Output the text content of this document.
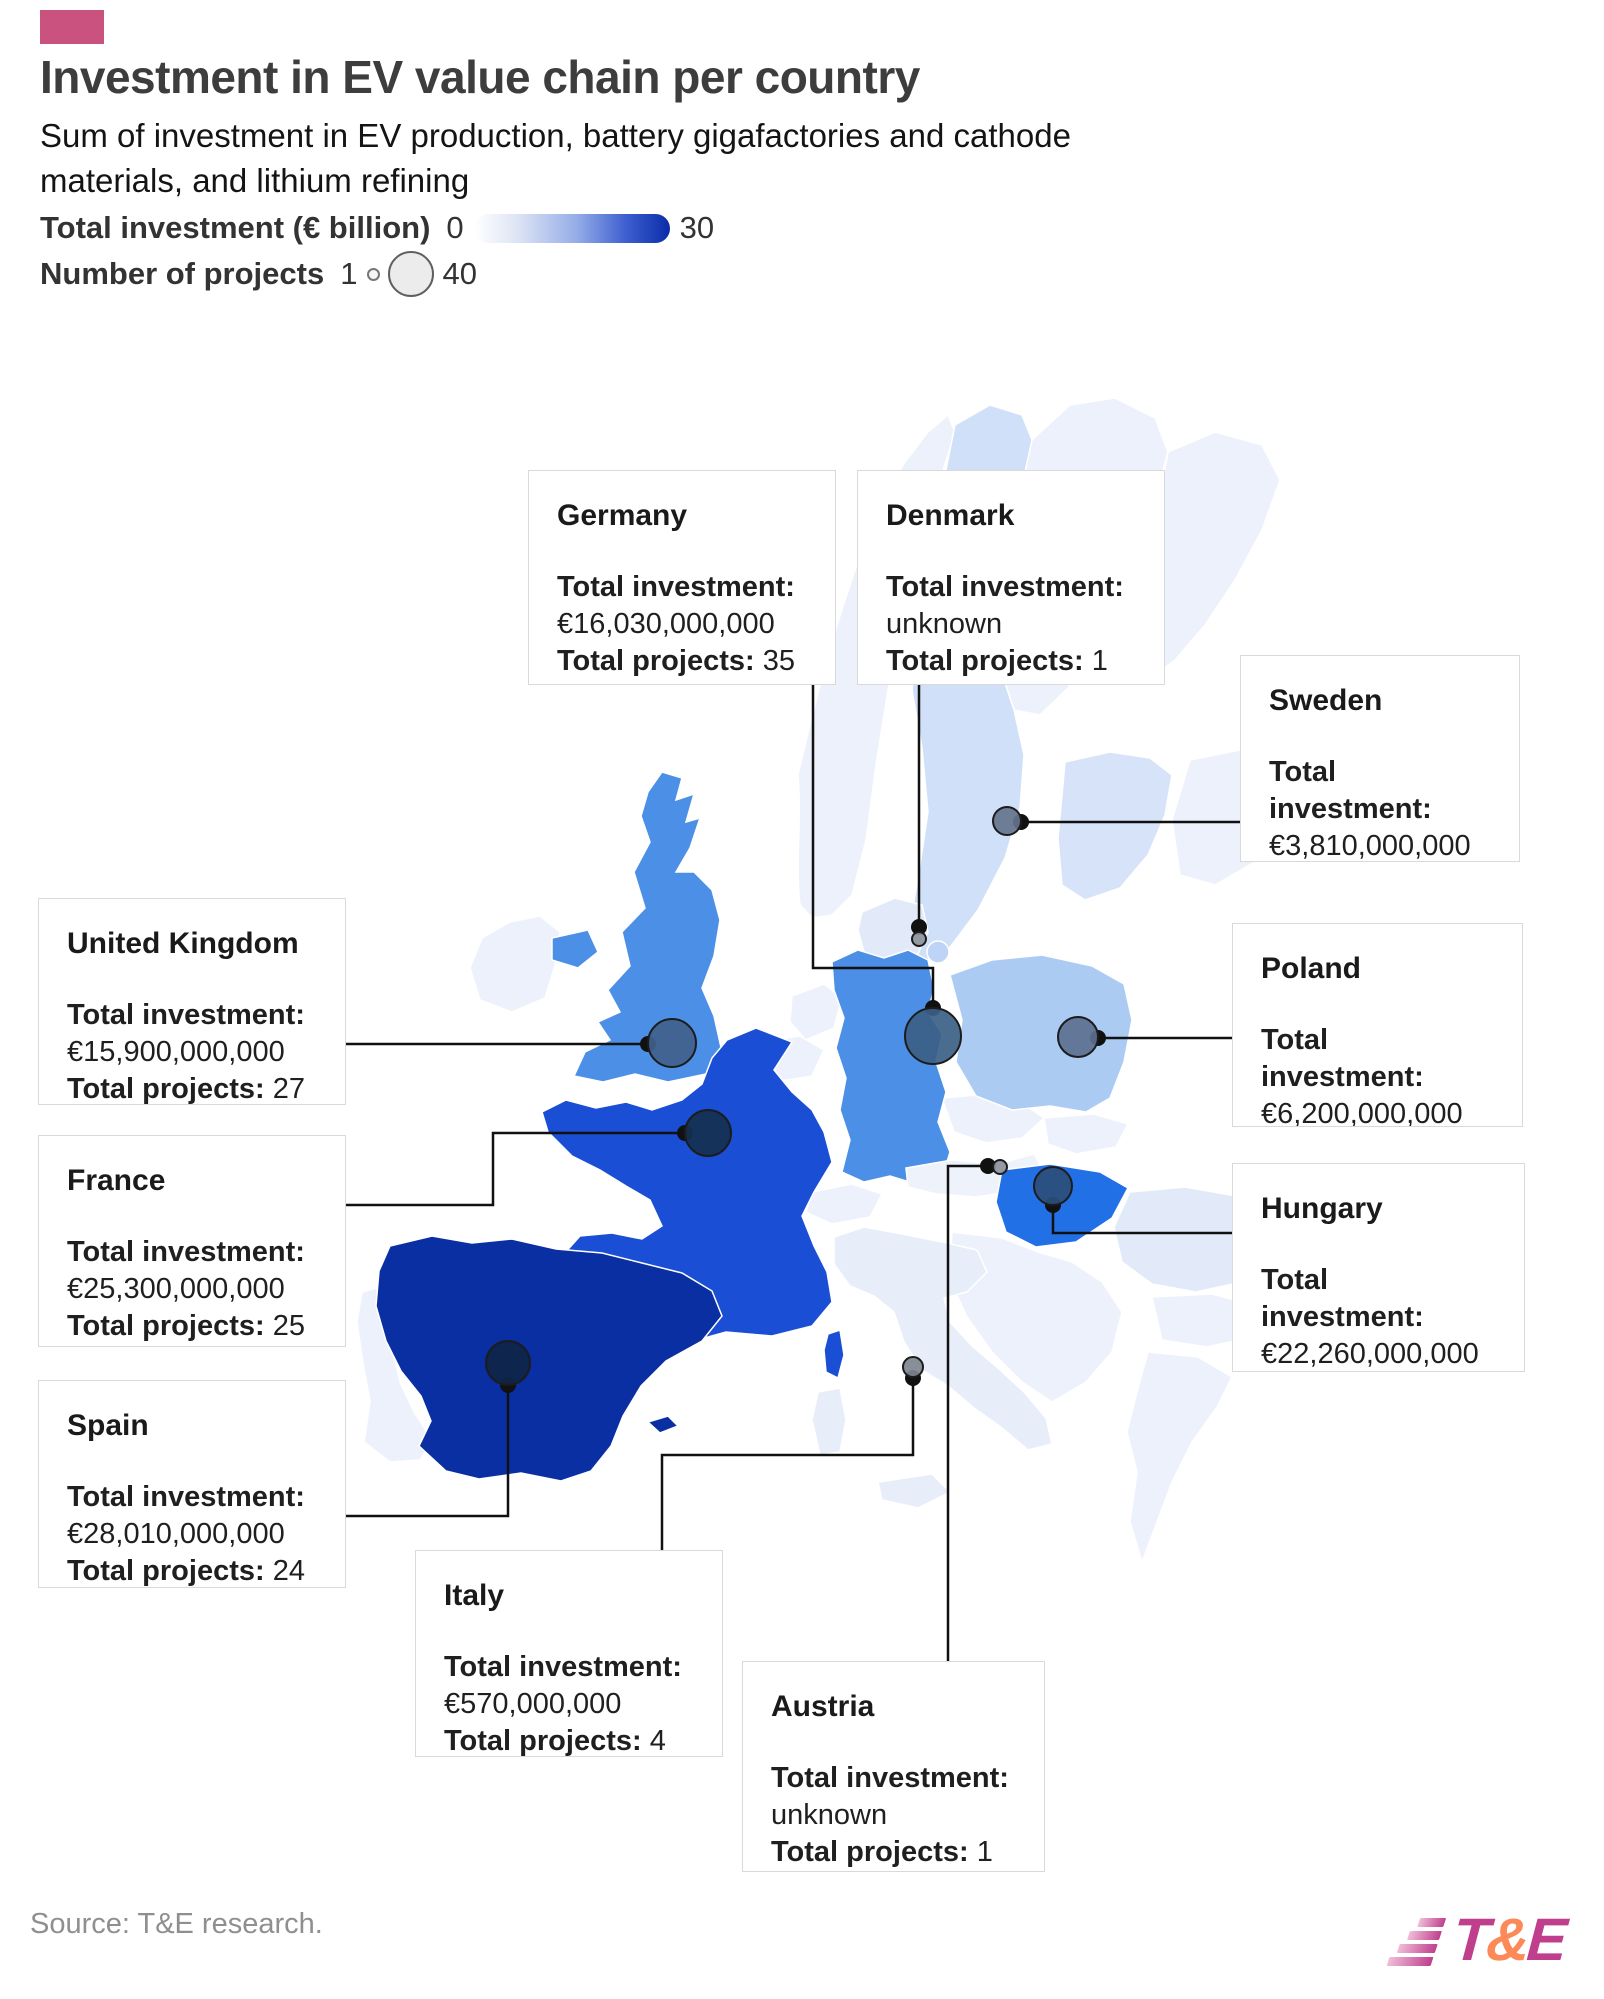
Investment in EV value chain per country
Sum of investment in EV production, battery gigafactories and cathode materials, and lithium refining
Total investment (€ billion) 0	30
Number of projects 1	40
Germany
Total investment:
€16,030,000,000
Total projects: 35
Denmark
Total investment:
unknown
Total projects: 1
Sweden
Total investment:
€3,810,000,000
United Kingdom
Total investment:
€15,900,000,000
Total projects: 27
Poland
Total investment:
€6,200,000,000
France
Total investment:
€25,300,000,000
Total projects: 25
Hungary
Total investment:
€22,260,000,000
Spain
Total investment:
€28,010,000,000
Total projects: 24
Italy
Total investment:
€570,000,000
Total projects: 4
Austria
Total investment:
unknown
Total projects: 1
Source: T&E research.	T&E
